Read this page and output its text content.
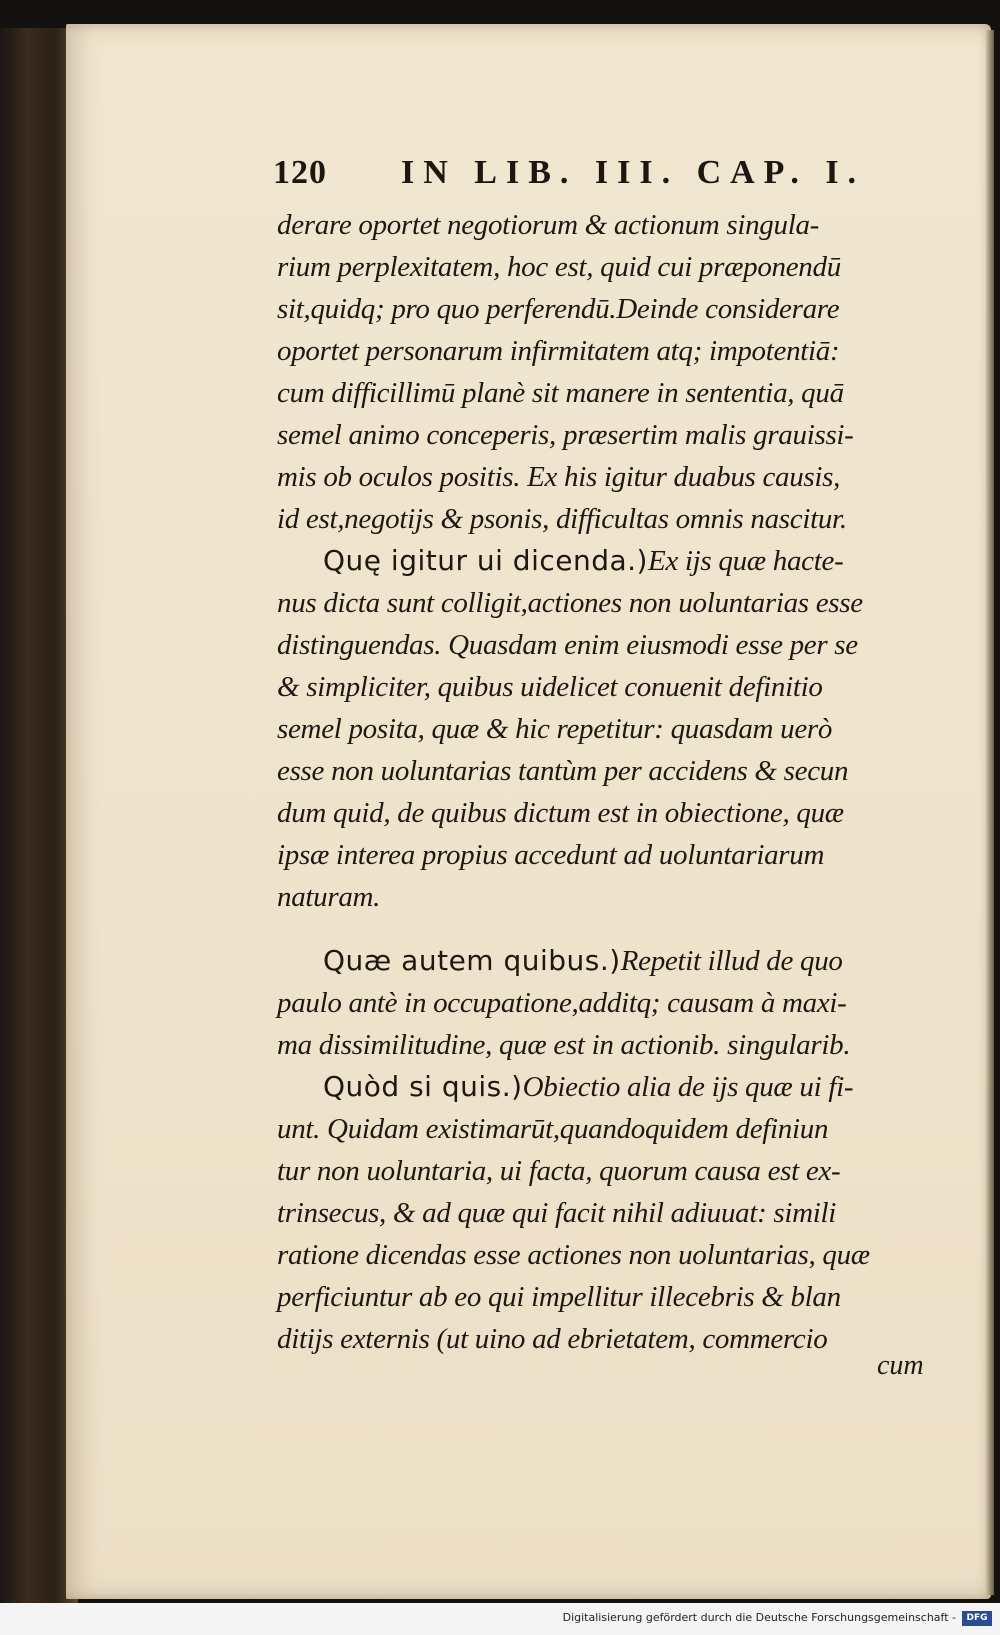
120 IN LIB. III. CAP. I.
derare oportet negotiorum & actionum singula-
rium perplexitatem, hoc est, quid cui præponendū
sit,quidq; pro quo perferendū.Deinde considerare
oportet personarum infirmitatem atq; impotentiā:
cum difficillimū planè sit manere in sententia, quā
semel animo conceperis, præsertim malis grauissi-
mis ob oculos positis. Ex his igitur duabus causis,
id est,negotijs & psonis, difficultas omnis nascitur.
Quę igitur ui dicenda.)Ex ijs quæ hacte-
nus dicta sunt colligit,actiones non uoluntarias esse
distinguendas. Quasdam enim eiusmodi esse per se
& simpliciter, quibus uidelicet conuenit definitio
semel posita, quæ & hic repetitur: quasdam uerò
esse non uoluntarias tantùm per accidens & secun
dum quid, de quibus dictum est in obiectione, quæ
ipsæ interea propius accedunt ad uoluntariarum
naturam.
Quæ autem quibus.)Repetit illud de quo
paulo antè in occupatione,additq; causam à maxi-
ma dissimilitudine, quæ est in actionib. singularib.
Quòd si quis.)Obiectio alia de ijs quæ ui fi-
unt. Quidam existimarūt,quandoquidem definiun
tur non uoluntaria, ui facta, quorum causa est ex-
trinsecus, & ad quæ qui facit nihil adiuuat: simili
ratione dicendas esse actiones non uoluntarias, quæ
perficiuntur ab eo qui impellitur illecebris & blan
ditijs externis (ut uino ad ebrietatem, commercio
cum
Digitalisierung gefördert durch die Deutsche Forschungsgemeinschaft -	DFG
